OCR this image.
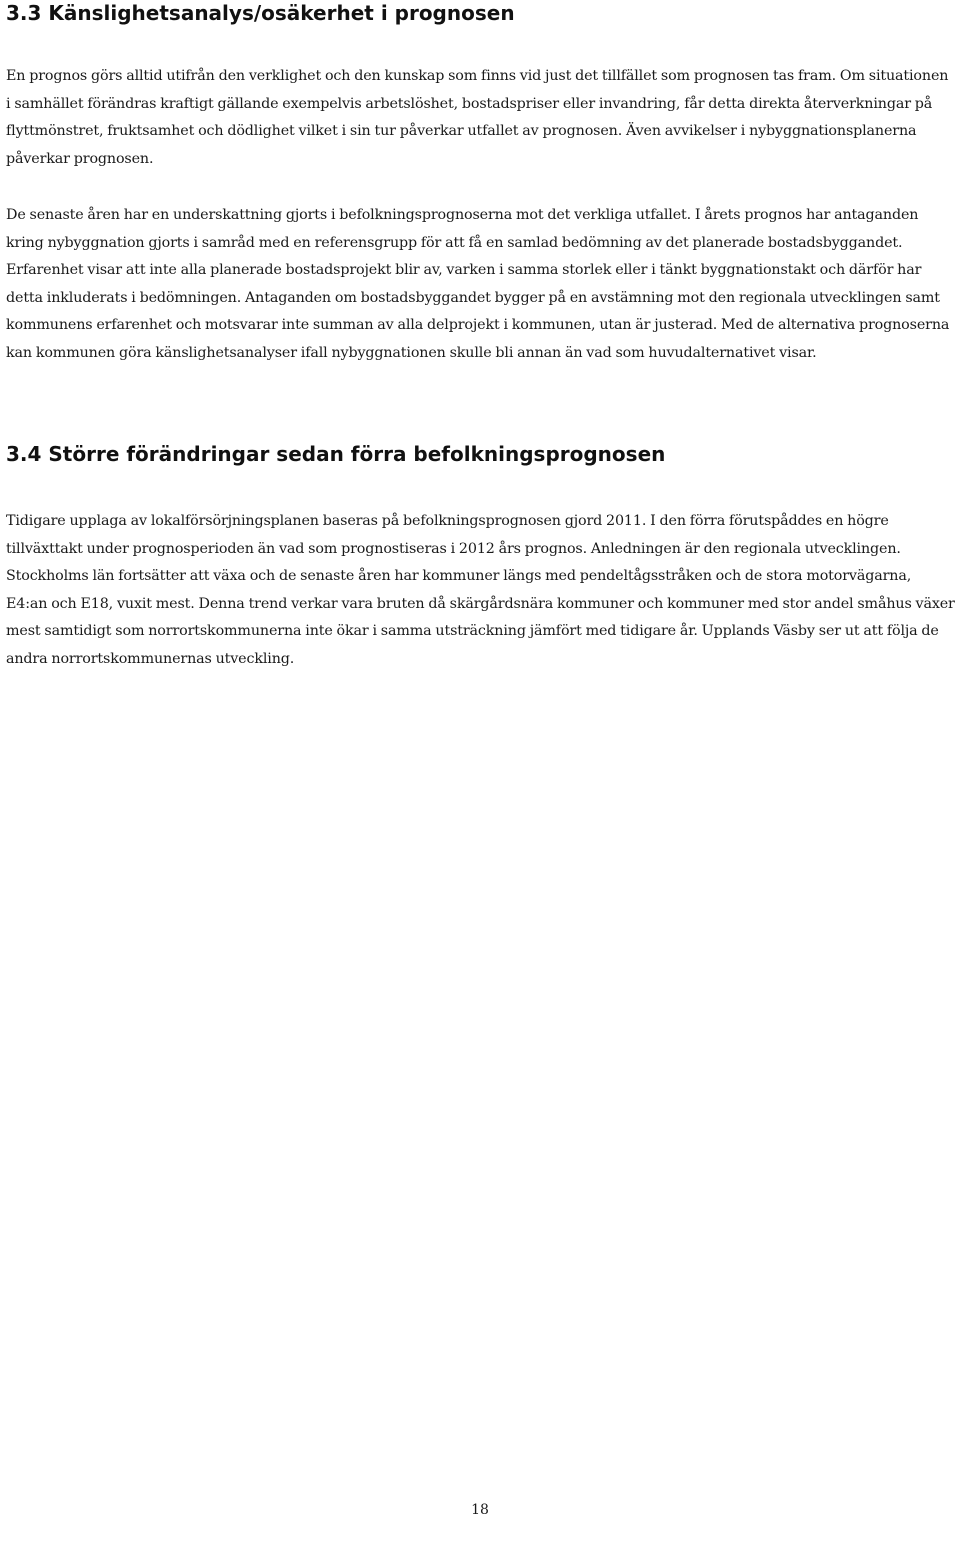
3.3 Känslighetsanalys/osäkerhet i prognosen

En prognos görs alltid utifrån den verklighet och den kunskap som finns vid just det tillfället som prognosen tas fram. Om situationen i samhället förändras kraftigt gällande exempelvis arbetslöshet, bostadspriser eller invandring, får detta direkta återverkningar på flyttmönstret, fruktsamhet och dödlighet vilket i sin tur påverkar utfallet av prognosen. Även avvikelser i nybyggnationsplanerna påverkar prognosen.

De senaste åren har en underskattning gjorts i befolkningsprognoserna mot det verkliga utfallet. I årets prognos har antaganden kring nybyggnation gjorts i samråd med en referensgrupp för att få en samlad bedömning av det planerade bostadsbyggandet. Erfarenhet visar att inte alla planerade bostadsprojekt blir av, varken i samma storlek eller i tänkt byggnationstakt och därför har detta inkluderats i bedömningen. Antaganden om bostadsbyggandet bygger på en avstämning mot den regionala utvecklingen samt kommunens erfarenhet och motsvarar inte summan av alla delprojekt i kommunen, utan är justerad. Med de alternativa prognoserna kan kommunen göra känslighetsanalyser ifall nybyggnationen skulle bli annan än vad som huvudalternativet visar.

3.4 Större förändringar sedan förra befolkningsprognosen

Tidigare upplaga av lokalförsörjningsplanen baseras på befolkningsprognosen gjord 2011. I den förra förutspåddes en högre tillväxttakt under prognosperioden än vad som prognostiseras i 2012 års prognos. Anledningen är den regionala utvecklingen. Stockholms län fortsätter att växa och de senaste åren har kommuner längs med pendeltågsstråken och de stora motorvägarna, E4:an och E18, vuxit mest. Denna trend verkar vara bruten då skärgårdsnära kommuner och kommuner med stor andel småhus växer mest samtidigt som norrortskommunerna inte ökar i samma utsträckning jämfört med tidigare år. Upplands Väsby ser ut att följa de andra norrortskommunernas utveckling.

18
